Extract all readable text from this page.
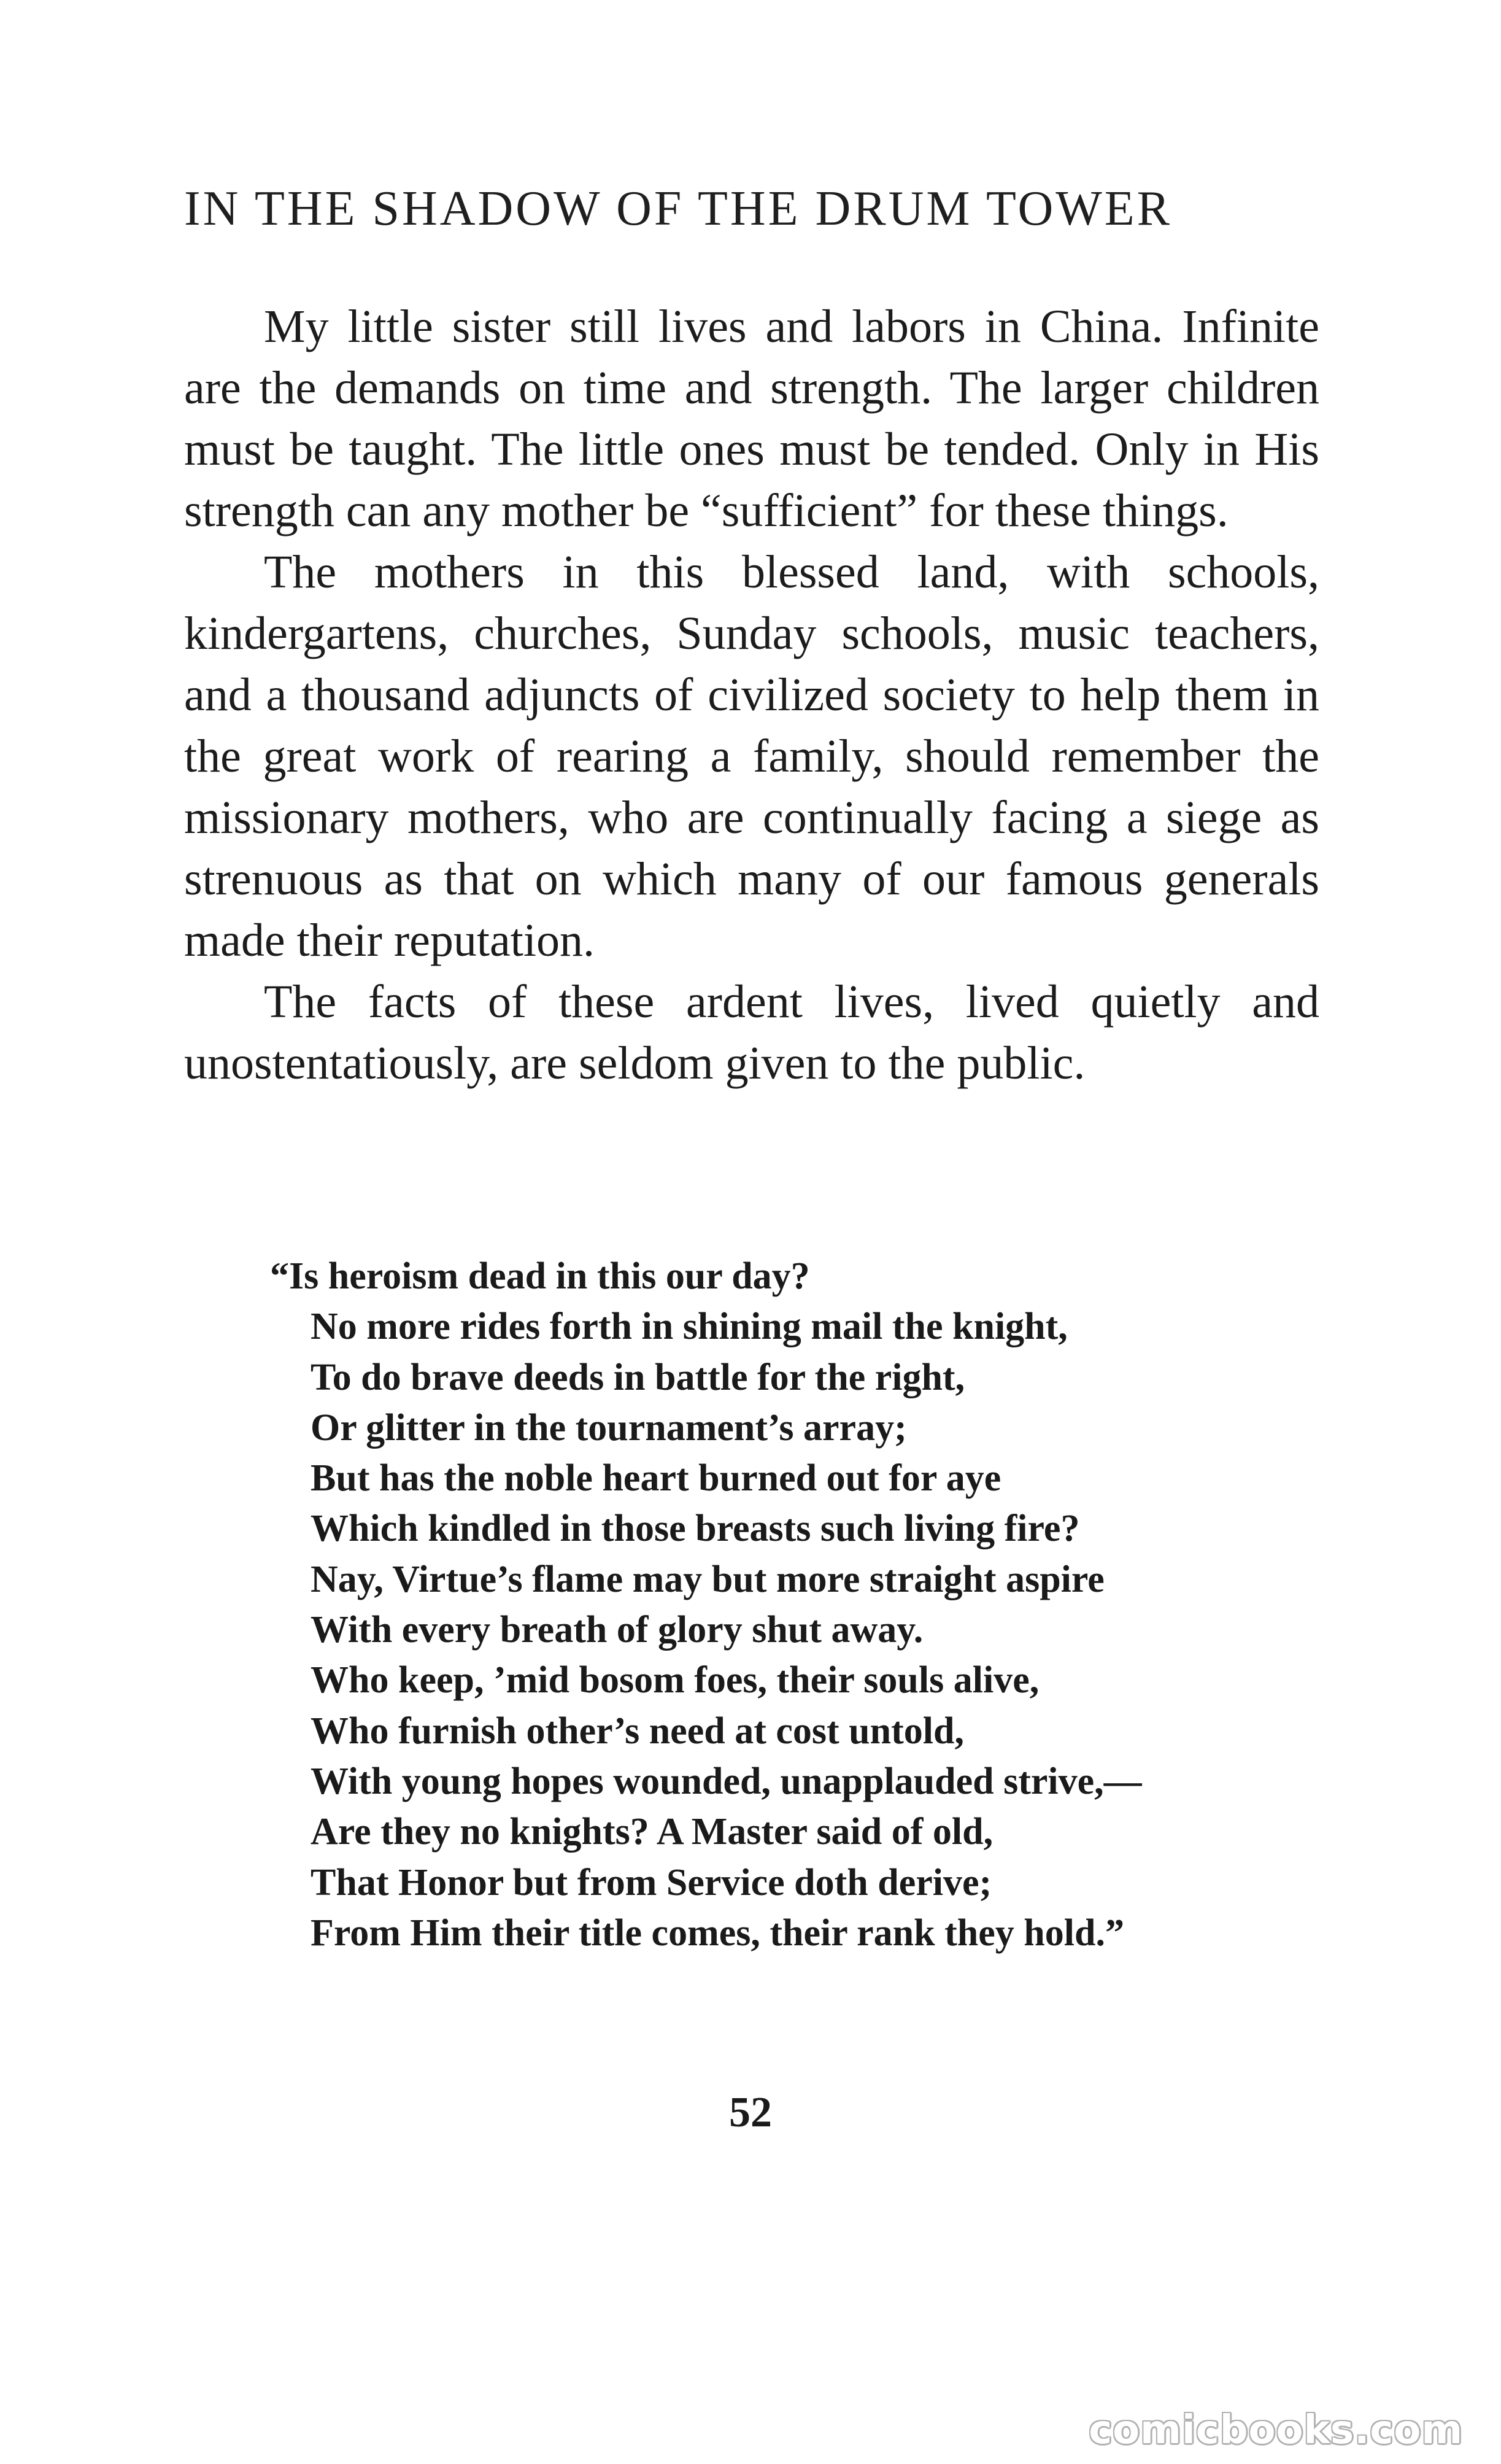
IN THE SHADOW OF THE DRUM TOWER

My little sister still lives and labors in China. Infinite are the demands on time and strength. The larger children must be taught. The little ones must be tended. Only in His strength can any mother be “sufficient” for these things.

The mothers in this blessed land, with schools, kindergartens, churches, Sunday schools, music teachers, and a thousand adjuncts of civilized society to help them in the great work of rearing a family, should remember the missionary mothers, who are continually facing a siege as strenuous as that on which many of our famous generals made their reputation.

The facts of these ardent lives, lived quietly and unostentatiously, are seldom given to the public.

“Is heroism dead in this our day?
No more rides forth in shining mail the knight,
To do brave deeds in battle for the right,
Or glitter in the tournament’s array;
But has the noble heart burned out for aye
Which kindled in those breasts such living fire?
Nay, Virtue’s flame may but more straight aspire
With every breath of glory shut away.
Who keep, ’mid bosom foes, their souls alive,
Who furnish other’s need at cost untold,
With young hopes wounded, unapplauded strive,—
Are they no knights? A Master said of old,
That Honor but from Service doth derive;
From Him their title comes, their rank they hold.”
52
comicbooks.com
